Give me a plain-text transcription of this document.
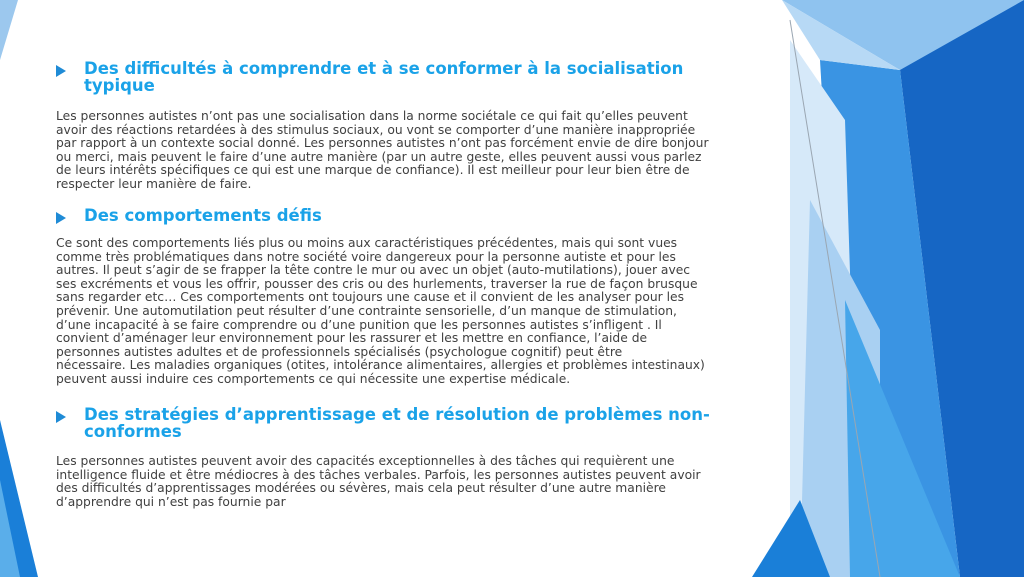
Des difficultés à comprendre et à se conformer à la socialisation typique
Les personnes autistes n’ont pas une socialisation dans la norme sociétale ce qui fait qu’elles peuvent
avoir des réactions retardées à des stimulus sociaux, ou vont se comporter d’une manière inappropriée
par rapport à un contexte social donné. Les personnes autistes n’ont pas forcément envie de dire bonjour
ou merci, mais peuvent le faire d’une autre manière (par un autre geste, elles peuvent aussi vous parlez
de leurs intérêts spécifiques ce qui est une marque de confiance). Il est meilleur pour leur bien être de
respecter leur manière de faire.
Des comportements défis
Ce sont des comportements liés plus ou moins aux caractéristiques précédentes, mais qui sont vues
comme très problématiques dans notre société voire dangereux pour la personne autiste et pour les
autres. Il peut s’agir de se frapper la tête contre le mur ou avec un objet (auto-mutilations), jouer avec
ses excréments et vous les offrir, pousser des cris ou des hurlements, traverser la rue de façon brusque
sans regarder etc… Ces comportements ont toujours une cause et il convient de les analyser pour les
prévenir. Une automutilation peut résulter d’une contrainte sensorielle, d’un manque de stimulation,
d’une incapacité à se faire comprendre ou d’une punition que les personnes autistes s’infligent . Il
convient d’aménager leur environnement pour les rassurer et les mettre en confiance, l’aide de
personnes autistes adultes et de professionnels spécialisés (psychologue cognitif) peut être
nécessaire. Les maladies organiques (otites, intolérance alimentaires, allergies et problèmes intestinaux)
peuvent aussi induire ces comportements ce qui nécessite une expertise médicale.
Des stratégies d’apprentissage et de résolution de problèmes non-conformes
Les personnes autistes peuvent avoir des capacités exceptionnelles à des tâches qui requièrent une
intelligence fluide et être médiocres à des tâches verbales. Parfois, les personnes autistes peuvent avoir
des difficultés d’apprentissages modérées ou sévères, mais cela peut résulter d’une autre manière
d’apprendre qui n’est pas fournie par
